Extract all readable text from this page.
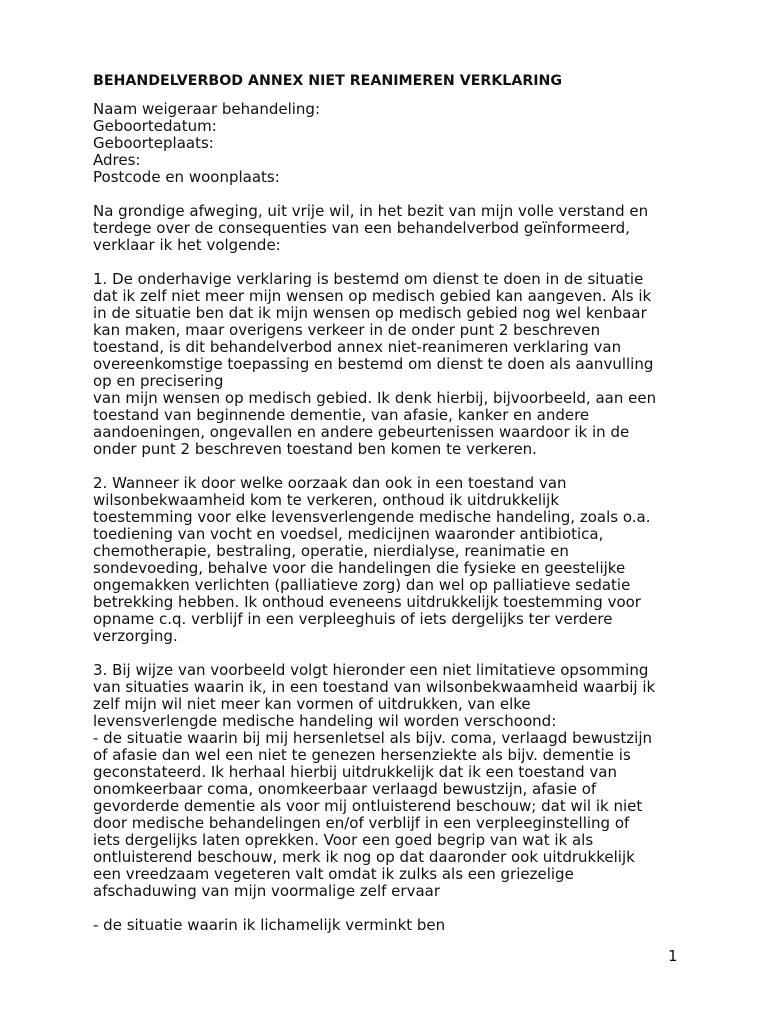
BEHANDELVERBOD ANNEX NIET REANIMEREN VERKLARING
Naam weigeraar behandeling:
Geboortedatum:
Geboorteplaats:
Adres:
Postcode en woonplaats:
Na grondige afweging, uit vrije wil, in het bezit van mijn volle verstand en
terdege over de consequenties van een behandelverbod geïnformeerd,
verklaar ik het volgende:
1. De onderhavige verklaring is bestemd om dienst te doen in de situatie
dat ik zelf niet meer mijn wensen op medisch gebied kan aangeven. Als ik
in de situatie ben dat ik mijn wensen op medisch gebied nog wel kenbaar
kan maken, maar overigens verkeer in de onder punt 2 beschreven
toestand, is dit behandelverbod annex niet-reanimeren verklaring van
overeenkomstige toepassing en bestemd om dienst te doen als aanvulling
op en precisering
van mijn wensen op medisch gebied. Ik denk hierbij, bijvoorbeeld, aan een
toestand van beginnende dementie, van afasie, kanker en andere
aandoeningen, ongevallen en andere gebeurtenissen waardoor ik in de
onder punt 2 beschreven toestand ben komen te verkeren.
2. Wanneer ik door welke oorzaak dan ook in een toestand van
wilsonbekwaamheid kom te verkeren, onthoud ik uitdrukkelijk
toestemming voor elke levensverlengende medische handeling, zoals o.a.
toediening van vocht en voedsel, medicijnen waaronder antibiotica,
chemotherapie, bestraling, operatie, nierdialyse, reanimatie en
sondevoeding, behalve voor die handelingen die fysieke en geestelijke
ongemakken verlichten (palliatieve zorg) dan wel op palliatieve sedatie
betrekking hebben. Ik onthoud eveneens uitdrukkelijk toestemming voor
opname c.q. verblijf in een verpleeghuis of iets dergelijks ter verdere
verzorging.
3. Bij wijze van voorbeeld volgt hieronder een niet limitatieve opsomming
van situaties waarin ik, in een toestand van wilsonbekwaamheid waarbij ik
zelf mijn wil niet meer kan vormen of uitdrukken, van elke
levensverlengde medische handeling wil worden verschoond:
- de situatie waarin bij mij hersenletsel als bijv. coma, verlaagd bewustzijn
of afasie dan wel een niet te genezen hersenziekte als bijv. dementie is
geconstateerd. Ik herhaal hierbij uitdrukkelijk dat ik een toestand van
onomkeerbaar coma, onomkeerbaar verlaagd bewustzijn, afasie of
gevorderde dementie als voor mij ontluisterend beschouw; dat wil ik niet
door medische behandelingen en/of verblijf in een verpleeginstelling of
iets dergelijks laten oprekken. Voor een goed begrip van wat ik als
ontluisterend beschouw, merk ik nog op dat daaronder ook uitdrukkelijk
een vreedzaam vegeteren valt omdat ik zulks als een griezelige
afschaduwing van mijn voormalige zelf ervaar
- de situatie waarin ik lichamelijk verminkt ben
1
